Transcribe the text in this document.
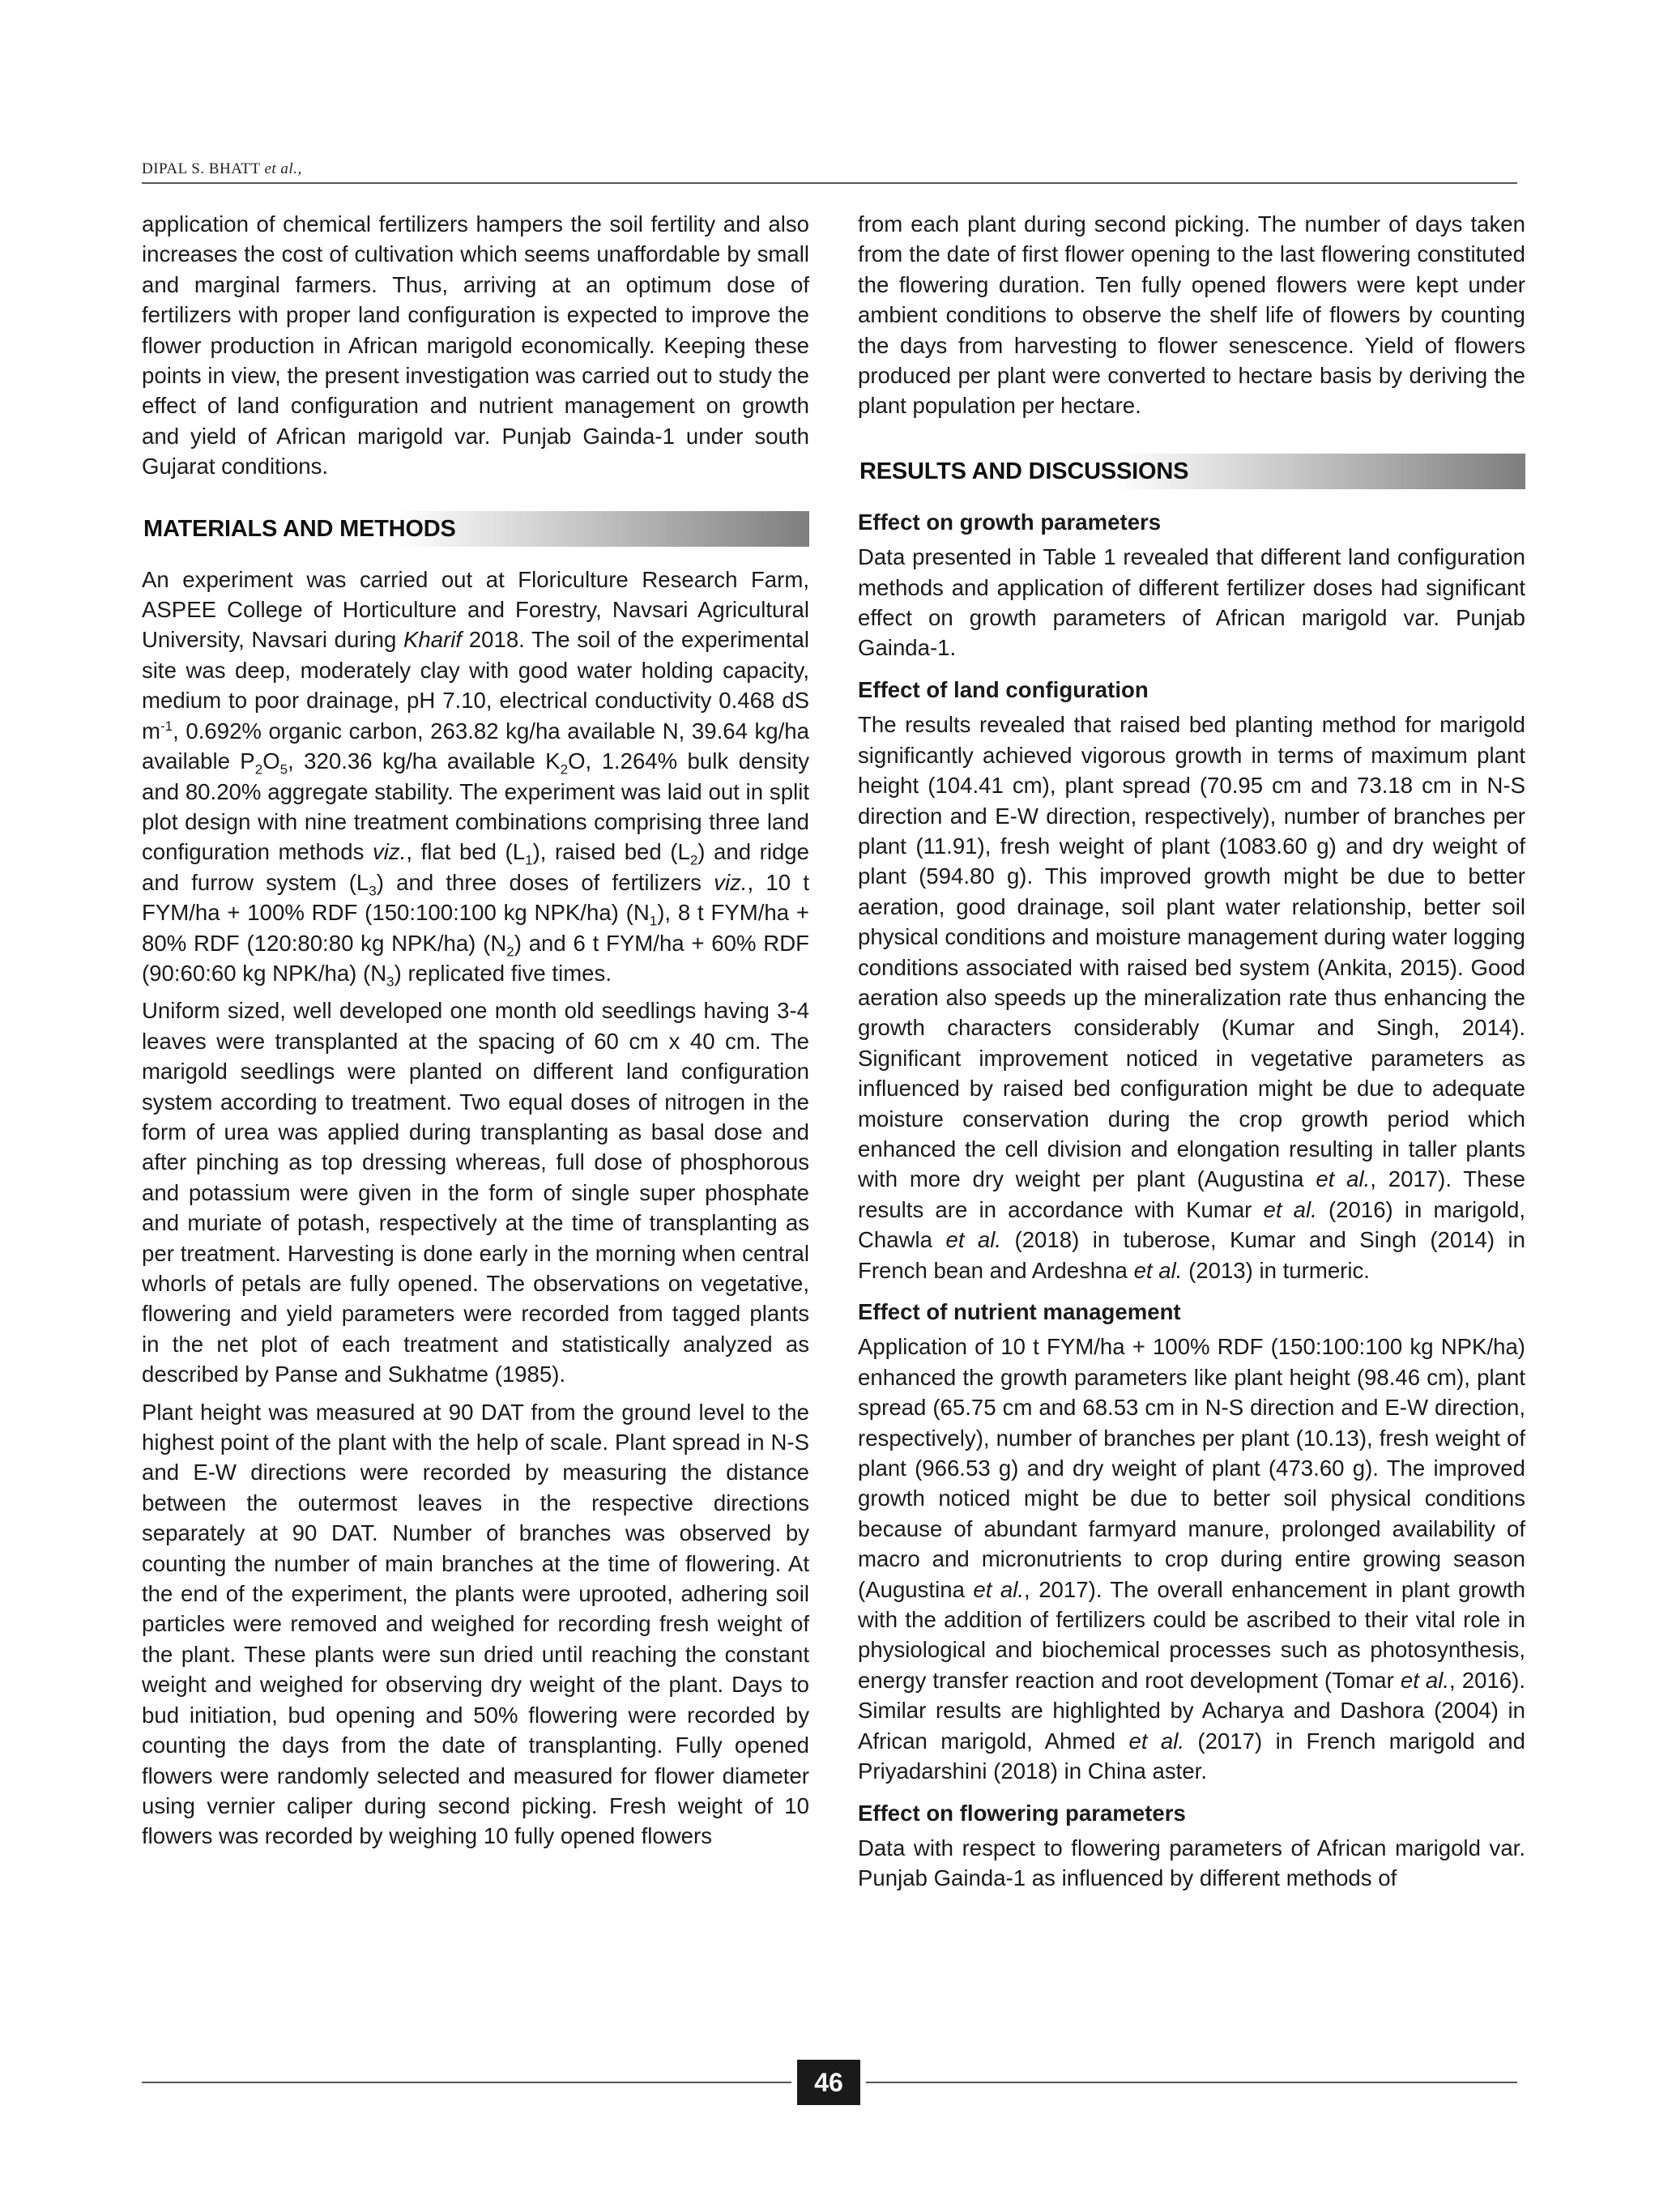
DIPAL S. BHATT et al.,

application of chemical fertilizers hampers the soil fertility and also increases the cost of cultivation which seems unaffordable by small and marginal farmers. Thus, arriving at an optimum dose of fertilizers with proper land configuration is expected to improve the flower production in African marigold economically. Keeping these points in view, the present investigation was carried out to study the effect of land configuration and nutrient management on growth and yield of African marigold var. Punjab Gainda-1 under south Gujarat conditions.

MATERIALS AND METHODS

An experiment was carried out at Floriculture Research Farm, ASPEE College of Horticulture and Forestry, Navsari Agricultural University, Navsari during Kharif 2018. The soil of the experimental site was deep, moderately clay with good water holding capacity, medium to poor drainage, pH 7.10, electrical conductivity 0.468 dS $m^{-1}$, 0.692% organic carbon, 263.82 kg/ha available N, 39.64 kg/ha available $P_2O_5$, 320.36 kg/ha available $K_2O$, 1.264% bulk density and 80.20% aggregate stability. The experiment was laid out in split plot design with nine treatment combinations comprising three land configuration methods viz., flat bed $(L_1)$, raised bed $(L_2)$ and ridge and furrow system $(L_3)$ and three doses of fertilizers viz., 10 t FYM/ha + 100% RDF (150:100:100 kg NPK/ha) $(N_1)$, 8 t FYM/ha + 80% RDF (120:80:80 kg NPK/ha) $(N_2)$ and 6 t FYM/ha + 60% RDF (90:60:60 kg NPK/ha) $(N_3)$ replicated five times.

Uniform sized, well developed one month old seedlings having 3-4 leaves were transplanted at the spacing of 60 cm x 40 cm. The marigold seedlings were planted on different land configuration system according to treatment. Two equal doses of nitrogen in the form of urea was applied during transplanting as basal dose and after pinching as top dressing whereas, full dose of phosphorous and potassium were given in the form of single super phosphate and muriate of potash, respectively at the time of transplanting as per treatment. Harvesting is done early in the morning when central whorls of petals are fully opened. The observations on vegetative, flowering and yield parameters were recorded from tagged plants in the net plot of each treatment and statistically analyzed as described by Panse and Sukhatme (1985).

Plant height was measured at 90 DAT from the ground level to the highest point of the plant with the help of scale. Plant spread in N-S and E-W directions were recorded by measuring the distance between the outermost leaves in the respective directions separately at 90 DAT. Number of branches was observed by counting the number of main branches at the time of flowering. At the end of the experiment, the plants were uprooted, adhering soil particles were removed and weighed for recording fresh weight of the plant. These plants were sun dried until reaching the constant weight and weighed for observing dry weight of the plant. Days to bud initiation, bud opening and 50% flowering were recorded by counting the days from the date of transplanting. Fully opened flowers were randomly selected and measured for flower diameter using vernier caliper during second picking. Fresh weight of 10 flowers was recorded by weighing 10 fully opened flowers

from each plant during second picking. The number of days taken from the date of first flower opening to the last flowering constituted the flowering duration. Ten fully opened flowers were kept under ambient conditions to observe the shelf life of flowers by counting the days from harvesting to flower senescence. Yield of flowers produced per plant were converted to hectare basis by deriving the plant population per hectare.

RESULTS AND DISCUSSIONS
Effect on growth parameters

Data presented in Table 1 revealed that different land configuration methods and application of different fertilizer doses had significant effect on growth parameters of African marigold var. Punjab Gainda-1.

Effect of land configuration

The results revealed that raised bed planting method for marigold significantly achieved vigorous growth in terms of maximum plant height (104.41 cm), plant spread (70.95 cm and 73.18 cm in N-S direction and E-W direction, respectively), number of branches per plant (11.91), fresh weight of plant (1083.60 g) and dry weight of plant (594.80 g). This improved growth might be due to better aeration, good drainage, soil plant water relationship, better soil physical conditions and moisture management during water logging conditions associated with raised bed system (Ankita, 2015). Good aeration also speeds up the mineralization rate thus enhancing the growth characters considerably (Kumar and Singh, 2014). Significant improvement noticed in vegetative parameters as influenced by raised bed configuration might be due to adequate moisture conservation during the crop growth period which enhanced the cell division and elongation resulting in taller plants with more dry weight per plant (Augustina et al., 2017). These results are in accordance with Kumar et al. (2016) in marigold, Chawla et al. (2018) in tuberose, Kumar and Singh (2014) in French bean and Ardeshna et al. (2013) in turmeric.

Effect of nutrient management

Application of 10 t FYM/ha + 100% RDF (150:100:100 kg NPK/ha) enhanced the growth parameters like plant height (98.46 cm), plant spread (65.75 cm and 68.53 cm in N-S direction and E-W direction, respectively), number of branches per plant (10.13), fresh weight of plant (966.53 g) and dry weight of plant (473.60 g). The improved growth noticed might be due to better soil physical conditions because of abundant farmyard manure, prolonged availability of macro and micronutrients to crop during entire growing season (Augustina et al., 2017). The overall enhancement in plant growth with the addition of fertilizers could be ascribed to their vital role in physiological and biochemical processes such as photosynthesis, energy transfer reaction and root development (Tomar et al., 2016). Similar results are highlighted by Acharya and Dashora (2004) in African marigold, Ahmed et al. (2017) in French marigold and Priyadarshini (2018) in China aster.

Effect on flowering parameters

Data with respect to flowering parameters of African marigold var. Punjab Gainda-1 as influenced by different methods of

46
